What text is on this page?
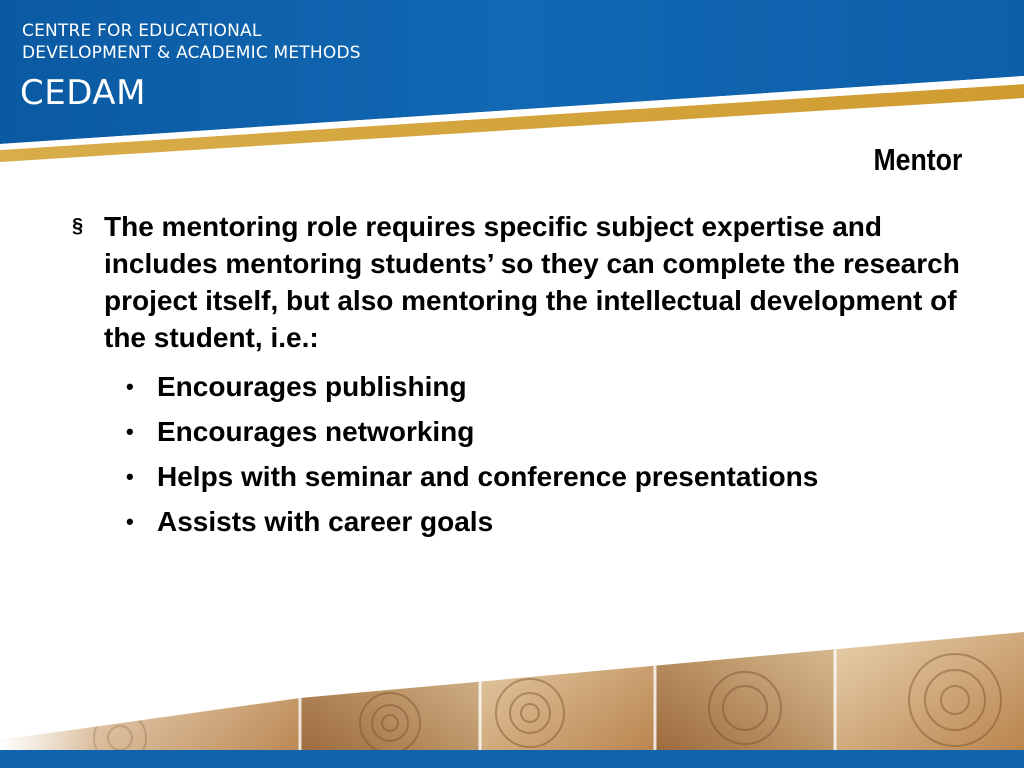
CENTRE FOR EDUCATIONAL
DEVELOPMENT & ACADEMIC METHODS
CEDAM
Mentor
§ The mentoring role requires specific subject expertise and includes mentoring students’ so they can complete the research project itself, but also mentoring the intellectual development of the student, i.e.:
• Encourages publishing
• Encourages networking
• Helps with seminar and conference presentations
• Assists with career goals
